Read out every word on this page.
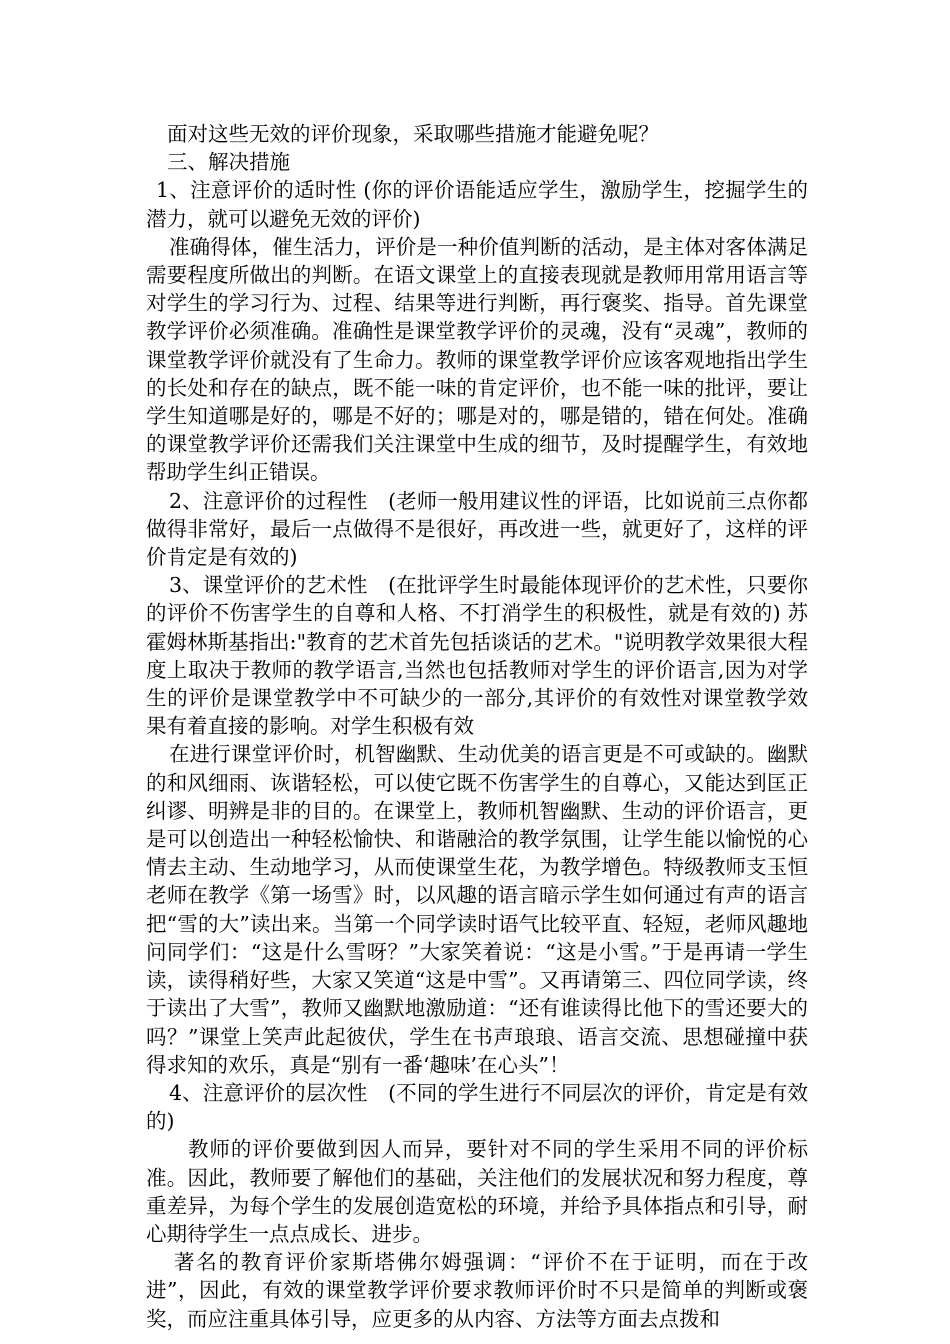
面对这些无效的评价现象，采取哪些措施才能避免呢？

三、解决措施

1、注意评价的适时性 (你的评价语能适应学生，激励学生，挖掘学生的潜力，就可以避免无效的评价)

准确得体，催生活力，评价是一种价值判断的活动，是主体对客体满足需要程度所做出的判断。在语文课堂上的直接表现就是教师用常用语言等对学生的学习行为、过程、结果等进行判断，再行褒奖、指导。首先课堂教学评价必须准确。准确性是课堂教学评价的灵魂，没有“灵魂”，教师的课堂教学评价就没有了生命力。教师的课堂教学评价应该客观地指出学生的长处和存在的缺点，既不能一味的肯定评价，也不能一味的批评，要让学生知道哪是好的，哪是不好的；哪是对的，哪是错的，错在何处。准确的课堂教学评价还需我们关注课堂中生成的细节，及时提醒学生，有效地帮助学生纠正错误。

2、注意评价的过程性　(老师一般用建议性的评语，比如说前三点你都做得非常好，最后一点做得不是很好，再改进一些，就更好了，这样的评价肯定是有效的)

3、课堂评价的艺术性　(在批评学生时最能体现评价的艺术性，只要你的评价不伤害学生的自尊和人格、不打消学生的积极性，就是有效的) 苏霍姆林斯基指出:"教育的艺术首先包括谈话的艺术。"说明教学效果很大程度上取决于教师的教学语言,当然也包括教师对学生的评价语言,因为对学生的评价是课堂教学中不可缺少的一部分,其评价的有效性对课堂教学效果有着直接的影响。对学生积极有效

在进行课堂评价时，机智幽默、生动优美的语言更是不可或缺的。幽默的和风细雨、诙谐轻松，可以使它既不伤害学生的自尊心，又能达到匡正纠谬、明辨是非的目的。在课堂上，教师机智幽默、生动的评价语言，更是可以创造出一种轻松愉快、和谐融洽的教学氛围，让学生能以愉悦的心情去主动、生动地学习，从而使课堂生花，为教学增色。特级教师支玉恒老师在教学《第一场雪》时，以风趣的语言暗示学生如何通过有声的语言把“雪的大”读出来。当第一个同学读时语气比较平直、轻短，老师风趣地问同学们：“这是什么雪呀？”大家笑着说：“这是小雪。”于是再请一学生读，读得稍好些，大家又笑道“这是中雪”。又再请第三、四位同学读，终于读出了大雪”，教师又幽默地激励道：“还有谁读得比他下的雪还要大的吗？”课堂上笑声此起彼伏，学生在书声琅琅、语言交流、思想碰撞中获得求知的欢乐，真是“别有一番‘趣味’在心头”！

4、注意评价的层次性　(不同的学生进行不同层次的评价，肯定是有效的)

教师的评价要做到因人而异，要针对不同的学生采用不同的评价标准。因此，教师要了解他们的基础，关注他们的发展状况和努力程度，尊重差异，为每个学生的发展创造宽松的环境，并给予具体指点和引导，耐心期待学生一点点成长、进步。

著名的教育评价家斯塔佛尔姆强调：“评价不在于证明，而在于改进”，因此，有效的课堂教学评价要求教师评价时不只是简单的判断或褒奖，而应注重具体引导，应更多的从内容、方法等方面去点拨和
